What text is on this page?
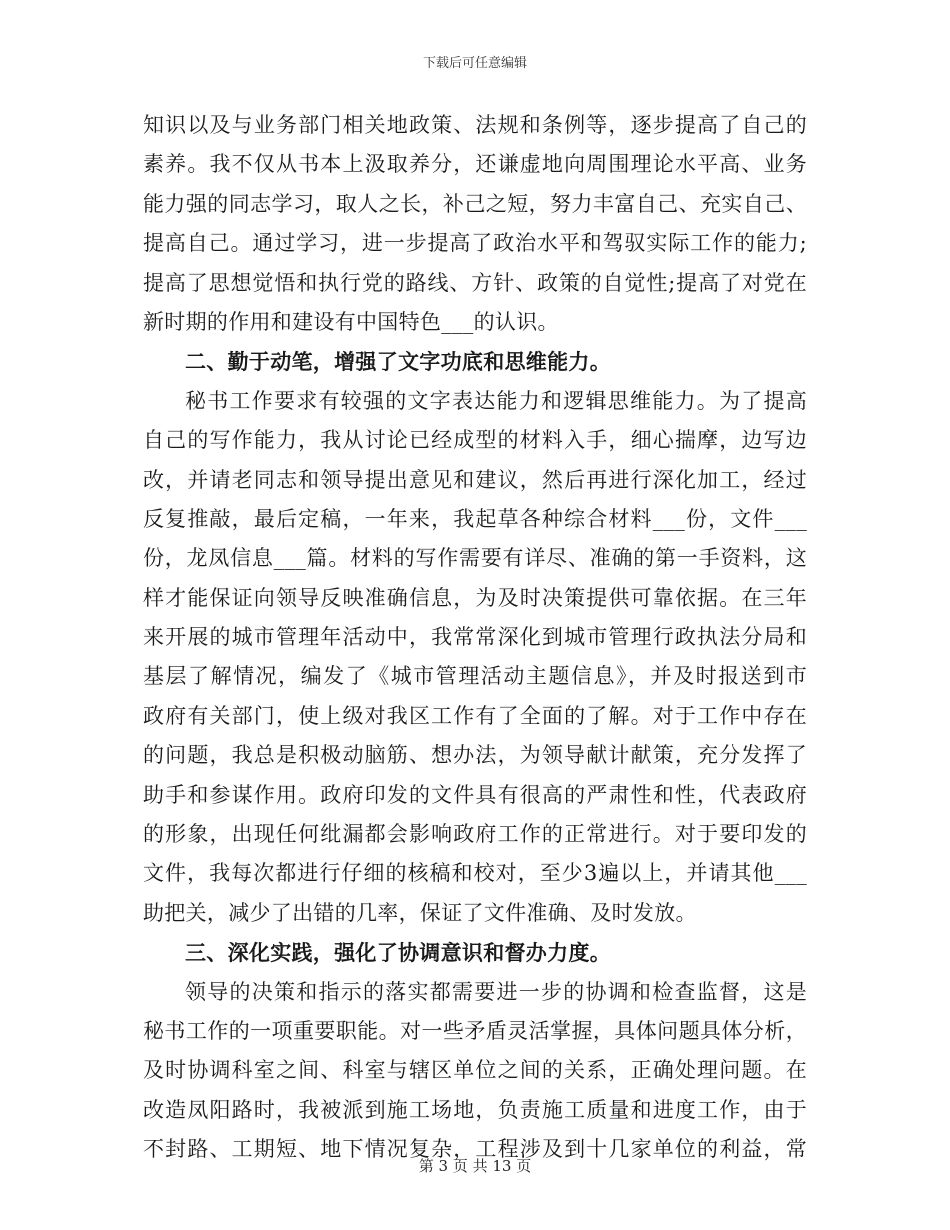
下载后可任意编辑
知识以及与业务部门相关地政策、法规和条例等，逐步提高了自己的
素养。我不仅从书本上汲取养分，还谦虚地向周围理论水平高、业务
能力强的同志学习，取人之长，补己之短，努力丰富自己、充实自己、
提高自己。通过学习，进一步提高了政治水平和驾驭实际工作的能力;
提高了思想觉悟和执行党的路线、方针、政策的自觉性;提高了对党在
新时期的作用和建设有中国特色___的认识。
二、勤于动笔，增强了文字功底和思维能力。
秘书工作要求有较强的文字表达能力和逻辑思维能力。为了提高
自己的写作能力，我从讨论已经成型的材料入手，细心揣摩，边写边
改，并请老同志和领导提出意见和建议，然后再进行深化加工，经过
反复推敲，最后定稿，一年来，我起草各种综合材料___份，文件___
份，龙凤信息___篇。材料的写作需要有详尽、准确的第一手资料，这
样才能保证向领导反映准确信息，为及时决策提供可靠依据。在三年
来开展的城市管理年活动中，我常常深化到城市管理行政执法分局和
基层了解情况，编发了《城市管理活动主题信息》，并及时报送到市
政府有关部门，使上级对我区工作有了全面的了解。对于工作中存在
的问题，我总是积极动脑筋、想办法，为领导献计献策，充分发挥了
助手和参谋作用。政府印发的文件具有很高的严肃性和性，代表政府
的形象，出现任何纰漏都会影响政府工作的正常进行。对于要印发的
文件，我每次都进行仔细的核稿和校对，至少3遍以上，并请其他___
助把关，减少了出错的几率，保证了文件准确、及时发放。
三、深化实践，强化了协调意识和督办力度。
领导的决策和指示的落实都需要进一步的协调和检查监督，这是
秘书工作的一项重要职能。对一些矛盾灵活掌握，具体问题具体分析，
及时协调科室之间、科室与辖区单位之间的关系，正确处理问题。在
改造凤阳路时，我被派到施工场地，负责施工质量和进度工作，由于
不封路、工期短、地下情况复杂，工程涉及到十几家单位的利益，常
第 3 页 共 13 页
